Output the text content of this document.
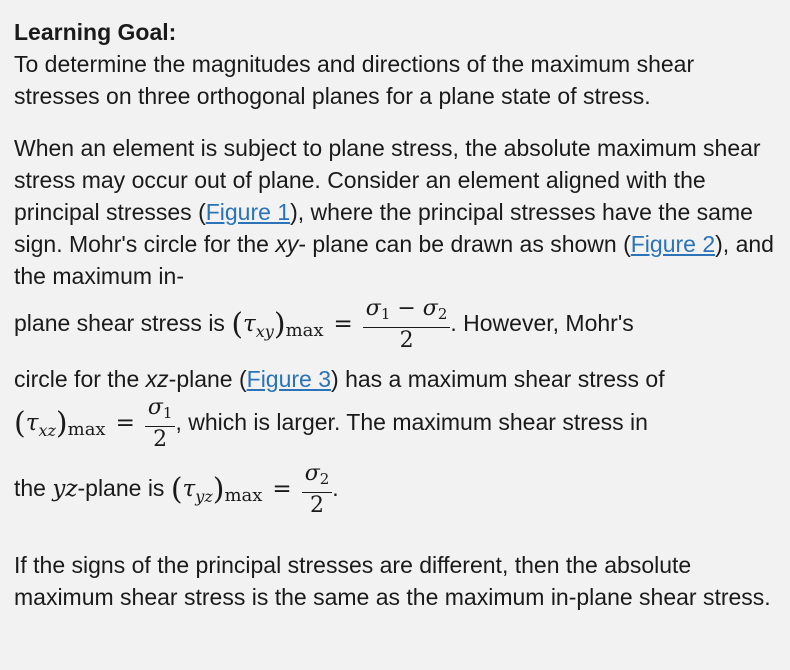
Learning Goal:

To determine the magnitudes and directions of the maximum shear stresses on three orthogonal planes for a plane state of stress.

When an element is subject to plane stress, the absolute maximum shear stress may occur out of plane. Consider an element aligned with the principal stresses (Figure 1), where the principal stresses have the same sign. Mohr's circle for the xy- plane can be drawn as shown (Figure 2), and the maximum in-
plane shear stress is $(\tau_{xy})_{max} = \frac{\sigma 1 - \sigma 2}{2}$ . However, Mohr's
circle for the xz-plane (Figure 3) has a maximum shear stress of
$(\tau_{xz})_{max} = \frac{\sigma 1}{2}$ , which is larger. The maximum shear stress in
the yz-plane is $(\tau_{yz})_{max} = \frac{\sigma 2}{2}$ .

If the signs of the principal stresses are different, then the absolute maximum shear stress is the same as the maximum in-plane shear stress.
